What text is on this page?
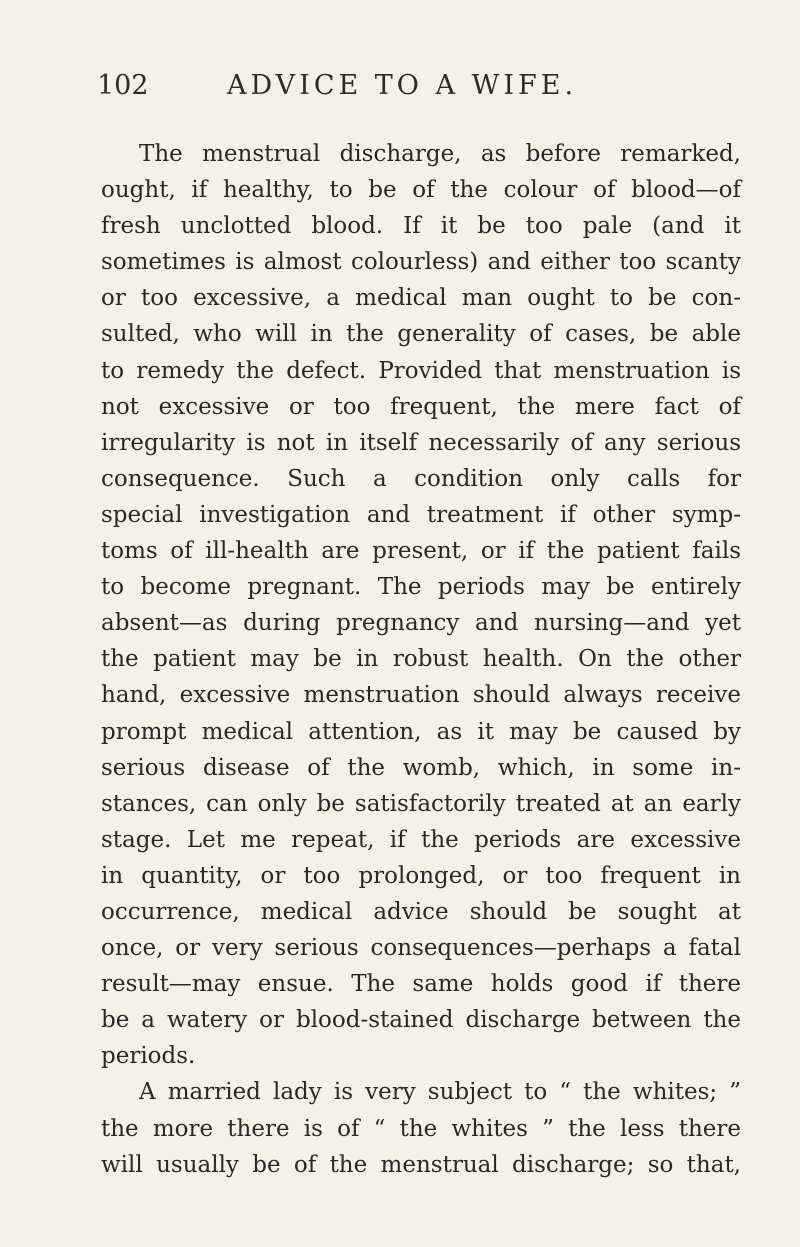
102	ADVICE TO A WIFE.
The menstrual discharge, as before remarked,
ought, if healthy, to be of the colour of blood—of
fresh unclotted blood. If it be too pale (and it
sometimes is almost colourless) and either too scanty
or too excessive, a medical man ought to be con-
sulted, who will in the generality of cases, be able
to remedy the defect. Provided that menstruation is
not excessive or too frequent, the mere fact of
irregularity is not in itself necessarily of any serious
consequence. Such a condition only calls for
special investigation and treatment if other symp-
toms of ill-health are present, or if the patient fails
to become pregnant. The periods may be entirely
absent—as during pregnancy and nursing—and yet
the patient may be in robust health. On the other
hand, excessive menstruation should always receive
prompt medical attention, as it may be caused by
serious disease of the womb, which, in some in-
stances, can only be satisfactorily treated at an early
stage. Let me repeat, if the periods are excessive
in quantity, or too prolonged, or too frequent in
occurrence, medical advice should be sought at
once, or very serious consequences—perhaps a fatal
result—may ensue. The same holds good if there
be a watery or blood-stained discharge between the
periods.
A married lady is very subject to “ the whites; ”
the more there is of “ the whites ” the less there
will usually be of the menstrual discharge; so that,
